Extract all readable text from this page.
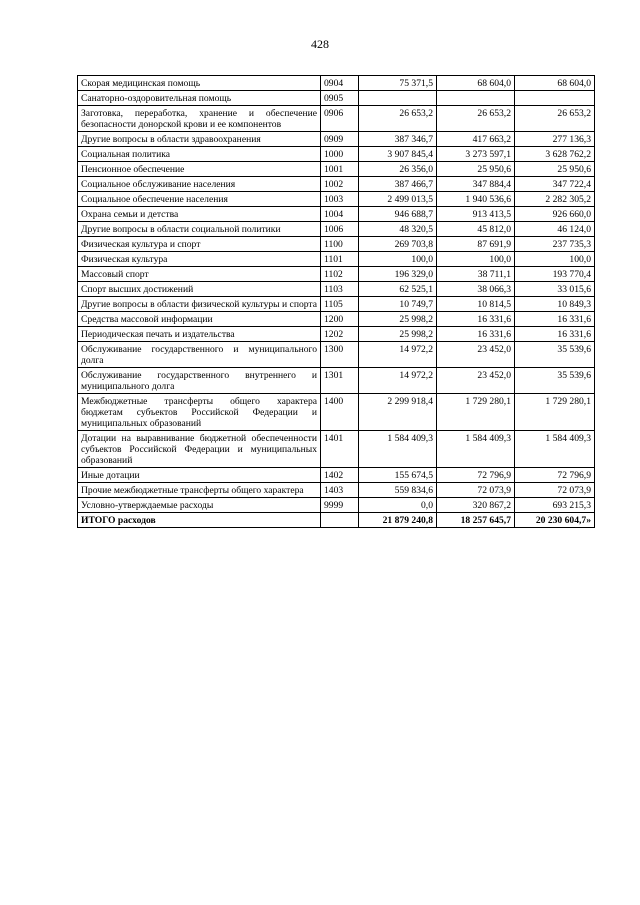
428
Скорая медицинская помощь	0904	75 371,5	68 604,0	68 604,0
Санаторно-оздоровительная помощь	0905			
Заготовка, переработка, хранение и обеспечение безопасности донорской крови и ее компонентов	0906	26 653,2	26 653,2	26 653,2
Другие вопросы в области здравоохранения	0909	387 346,7	417 663,2	277 136,3
Социальная политика	1000	3 907 845,4	3 273 597,1	3 628 762,2
Пенсионное обеспечение	1001	26 356,0	25 950,6	25 950,6
Социальное обслуживание населения	1002	387 466,7	347 884,4	347 722,4
Социальное обеспечение населения	1003	2 499 013,5	1 940 536,6	2 282 305,2
Охрана семьи и детства	1004	946 688,7	913 413,5	926 660,0
Другие вопросы в области социальной политики	1006	48 320,5	45 812,0	46 124,0
Физическая культура и спорт	1100	269 703,8	87 691,9	237 735,3
Физическая культура	1101	100,0	100,0	100,0
Массовый спорт	1102	196 329,0	38 711,1	193 770,4
Спорт высших достижений	1103	62 525,1	38 066,3	33 015,6
Другие вопросы в области физической культуры и спорта	1105	10 749,7	10 814,5	10 849,3
Средства массовой информации	1200	25 998,2	16 331,6	16 331,6
Периодическая печать и издательства	1202	25 998,2	16 331,6	16 331,6
Обслуживание государственного и муниципального долга	1300	14 972,2	23 452,0	35 539,6
Обслуживание государственного внутреннего и муниципального долга	1301	14 972,2	23 452,0	35 539,6
Межбюджетные трансферты общего характера бюджетам субъектов Российской Федерации и муниципальных образований	1400	2 299 918,4	1 729 280,1	1 729 280,1
Дотации на выравнивание бюджетной обеспеченности субъектов Российской Федерации и муниципальных образований	1401	1 584 409,3	1 584 409,3	1 584 409,3
Иные дотации	1402	155 674,5	72 796,9	72 796,9
Прочие межбюджетные трансферты общего характера	1403	559 834,6	72 073,9	72 073,9
Условно-утверждаемые расходы	9999	0,0	320 867,2	693 215,3
ИТОГО расходов		21 879 240,8	18 257 645,7	20 230 604,7»
